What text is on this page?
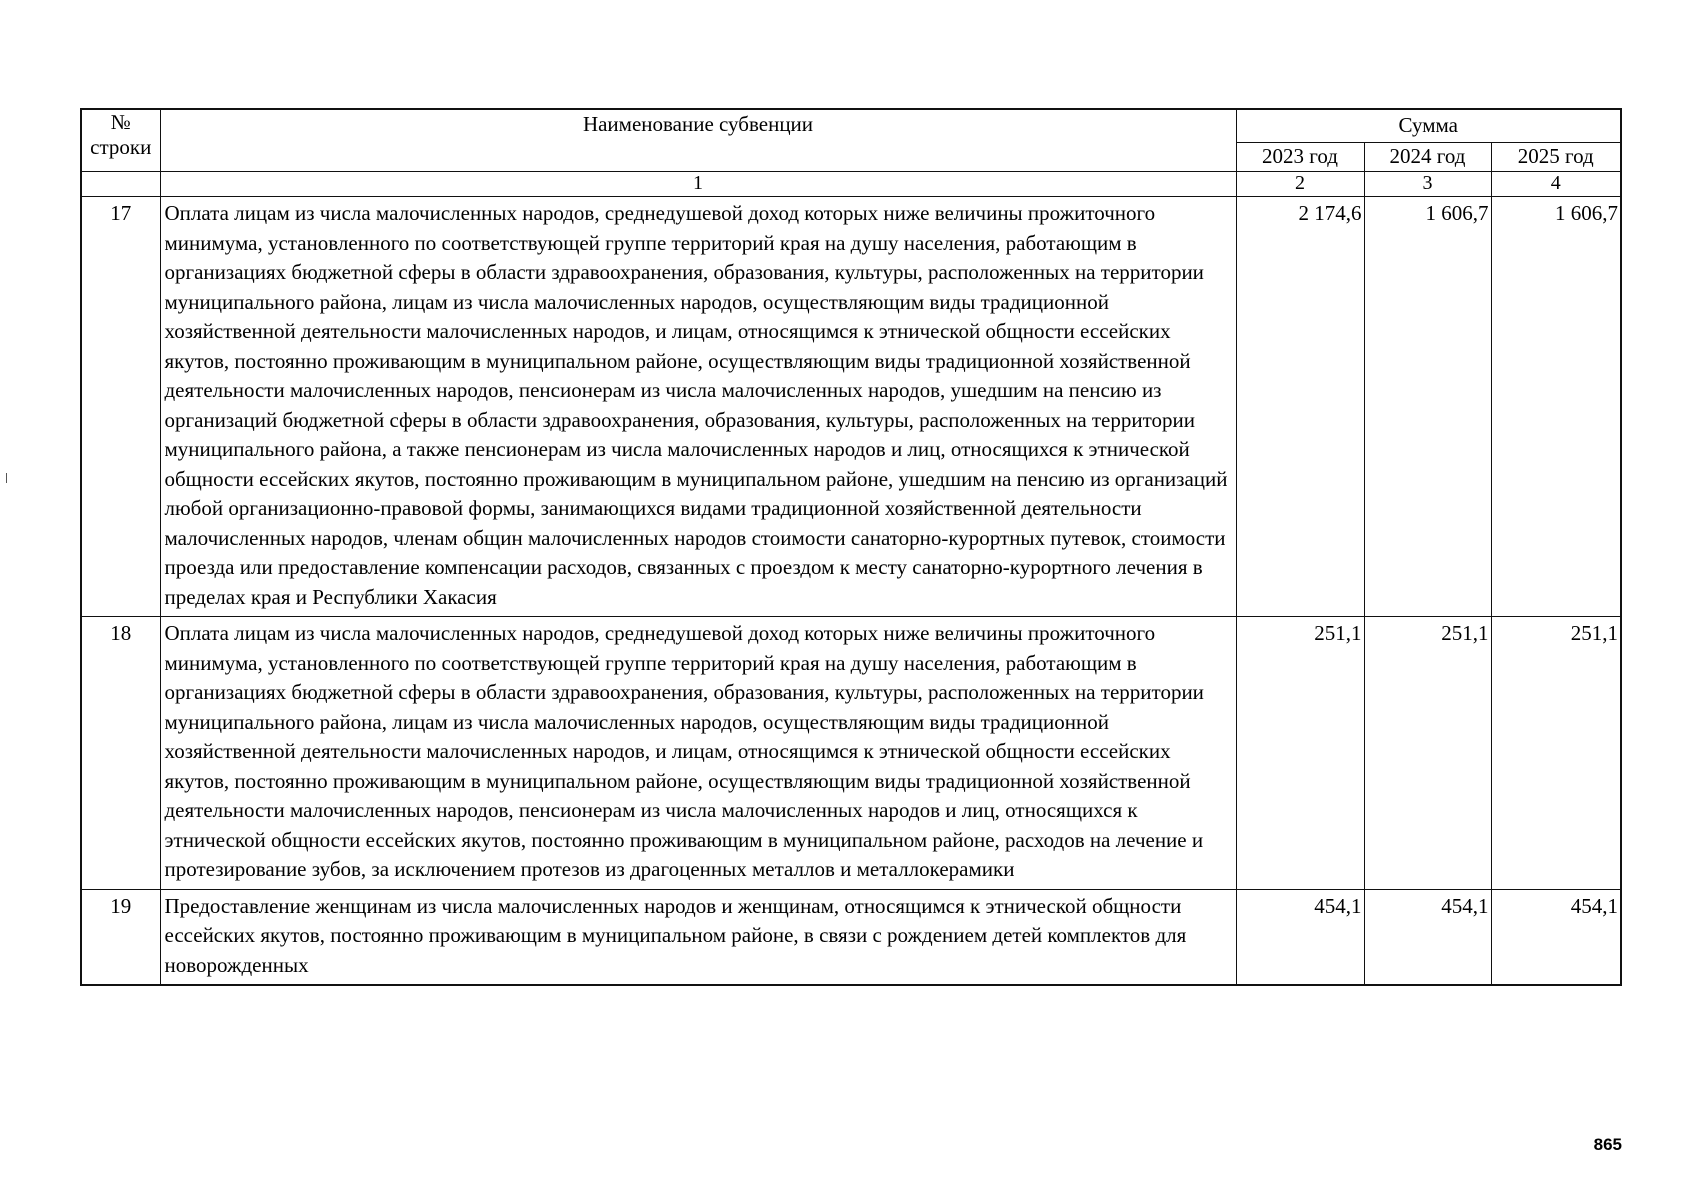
№ строки	Наименование субвенции	Сумма		
		2023 год	2024 год	2025 год
	1	2	3	4
17	Оплата лицам из числа малочисленных народов, среднедушевой доход которых ниже величины прожиточного минимума, установленного по соответствующей группе территорий края на душу населения, работающим в организациях бюджетной сферы в области здравоохранения, образования, культуры, расположенных на территории муниципального района, лицам из числа малочисленных народов, осуществляющим виды традиционной хозяйственной деятельности малочисленных народов, и лицам, относящимся к этнической общности ессейских якутов, постоянно проживающим в муниципальном районе, осуществляющим виды традиционной хозяйственной деятельности малочисленных народов, пенсионерам из числа малочисленных народов, ушедшим на пенсию из организаций бюджетной сферы в области здравоохранения, образования, культуры, расположенных на территории муниципального района, а также пенсионерам из числа малочисленных народов и лиц, относящихся к этнической общности ессейских якутов, постоянно проживающим в муниципальном районе, ушедшим на пенсию из организаций любой организационно-правовой формы, занимающихся видами традиционной хозяйственной деятельности малочисленных народов, членам общин малочисленных народов стоимости санаторно-курортных путевок, стоимости проезда или предоставление компенсации расходов, связанных с проездом к месту санаторно-курортного лечения в пределах края и Республики Хакасия	2 174,6	1 606,7	1 606,7
18	Оплата лицам из числа малочисленных народов, среднедушевой доход которых ниже величины прожиточного минимума, установленного по соответствующей группе территорий края на душу населения, работающим в организациях бюджетной сферы в области здравоохранения, образования, культуры, расположенных на территории муниципального района, лицам из числа малочисленных народов, осуществляющим виды традиционной хозяйственной деятельности малочисленных народов, и лицам, относящимся к этнической общности ессейских якутов, постоянно проживающим в муниципальном районе, осуществляющим виды традиционной хозяйственной деятельности малочисленных народов, пенсионерам из числа малочисленных народов и лиц, относящихся к этнической общности ессейских якутов, постоянно проживающим в муниципальном районе, расходов на лечение и протезирование зубов, за исключением протезов из драгоценных металлов и металлокерамики	251,1	251,1	251,1
19	Предоставление женщинам из числа малочисленных народов и женщинам, относящимся к этнической общности ессейских якутов, постоянно проживающим в муниципальном районе, в связи с рождением детей комплектов для новорожденных	454,1	454,1	454,1
865
